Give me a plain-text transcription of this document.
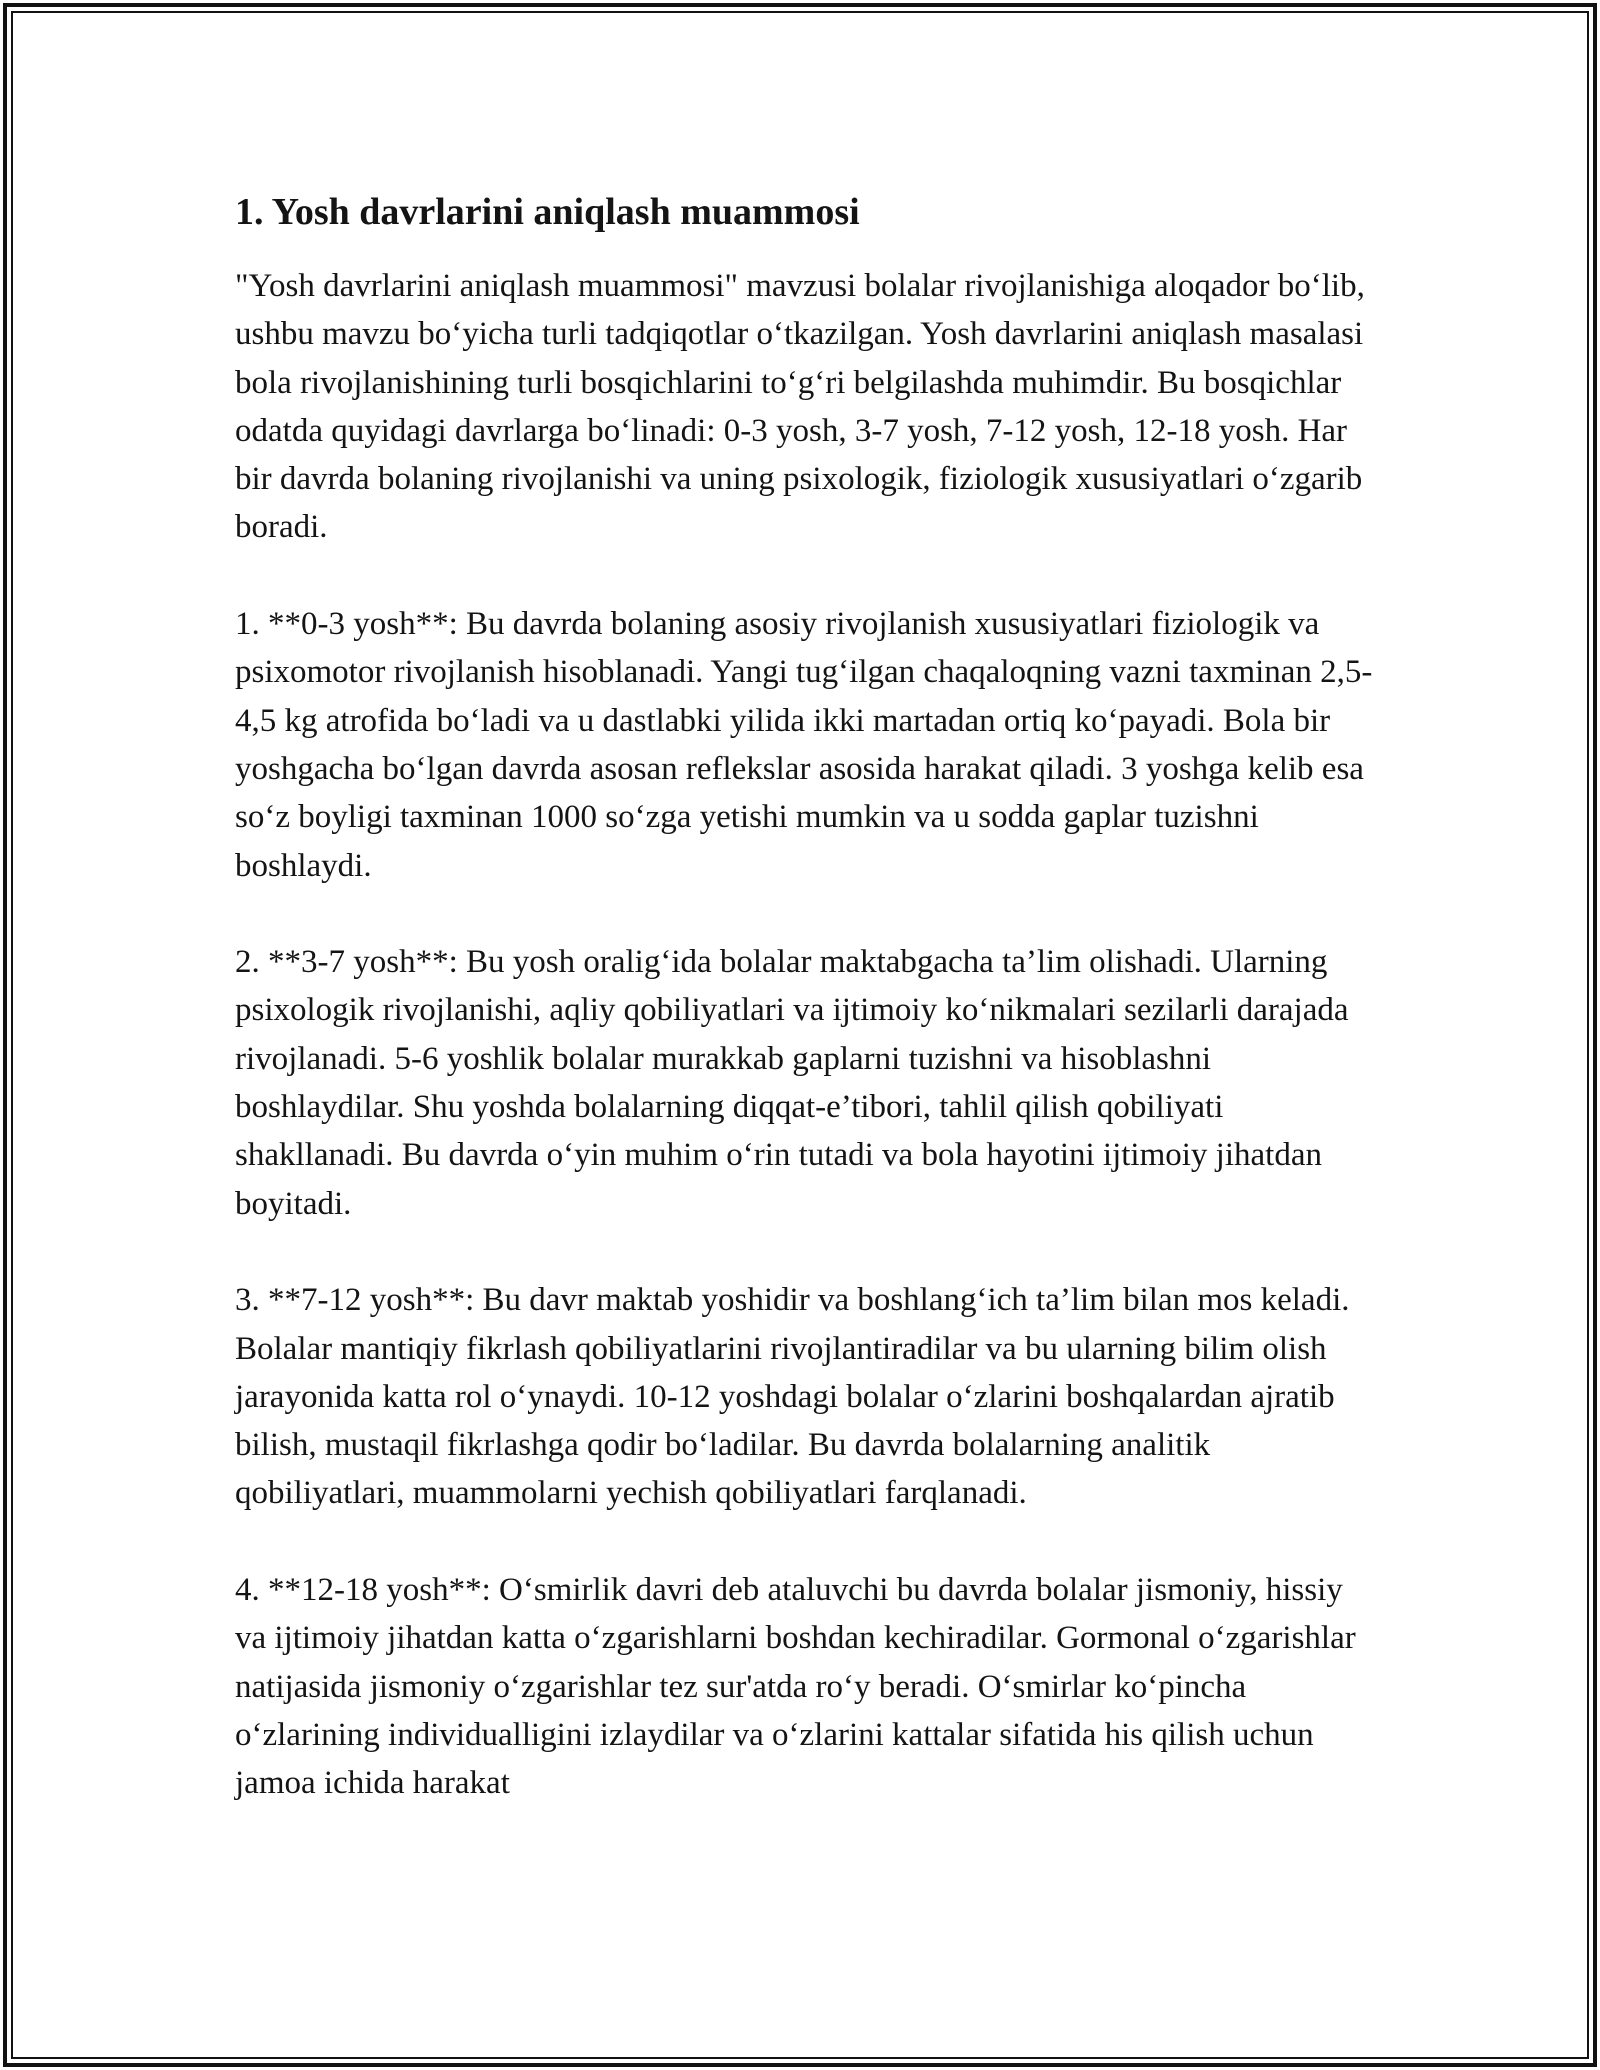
1. Yosh davrlarini aniqlash muammosi

"Yosh davrlarini aniqlash muammosi" mavzusi bolalar rivojlanishiga aloqador bo‘lib, ushbu mavzu bo‘yicha turli tadqiqotlar o‘tkazilgan. Yosh davrlarini aniqlash masalasi bola rivojlanishining turli bosqichlarini to‘g‘ri belgilashda muhimdir. Bu bosqichlar odatda quyidagi davrlarga bo‘linadi: 0-3 yosh, 3-7 yosh, 7-12 yosh, 12-18 yosh. Har bir davrda bolaning rivojlanishi va uning psixologik, fiziologik xususiyatlari o‘zgarib boradi.

1. **0-3 yosh**: Bu davrda bolaning asosiy rivojlanish xususiyatlari fiziologik va psixomotor rivojlanish hisoblanadi. Yangi tug‘ilgan chaqaloqning vazni taxminan 2,5-4,5 kg atrofida bo‘ladi va u dastlabki yilida ikki martadan ortiq ko‘payadi. Bola bir yoshgacha bo‘lgan davrda asosan reflekslar asosida harakat qiladi. 3 yoshga kelib esa so‘z boyligi taxminan 1000 so‘zga yetishi mumkin va u sodda gaplar tuzishni boshlaydi.

2. **3-7 yosh**: Bu yosh oralig‘ida bolalar maktabgacha ta’lim olishadi. Ularning psixologik rivojlanishi, aqliy qobiliyatlari va ijtimoiy ko‘nikmalari sezilarli darajada rivojlanadi. 5-6 yoshlik bolalar murakkab gaplarni tuzishni va hisoblashni boshlaydilar. Shu yoshda bolalarning diqqat-e’tibori, tahlil qilish qobiliyati shakllanadi. Bu davrda o‘yin muhim o‘rin tutadi va bola hayotini ijtimoiy jihatdan boyitadi.

3. **7-12 yosh**: Bu davr maktab yoshidir va boshlang‘ich ta’lim bilan mos keladi. Bolalar mantiqiy fikrlash qobiliyatlarini rivojlantiradilar va bu ularning bilim olish jarayonida katta rol o‘ynaydi. 10-12 yoshdagi bolalar o‘zlarini boshqalardan ajratib bilish, mustaqil fikrlashga qodir bo‘ladilar. Bu davrda bolalarning analitik qobiliyatlari, muammolarni yechish qobiliyatlari farqlanadi.

4. **12-18 yosh**: O‘smirlik davri deb ataluvchi bu davrda bolalar jismoniy, hissiy va ijtimoiy jihatdan katta o‘zgarishlarni boshdan kechiradilar. Gormonal o‘zgarishlar natijasida jismoniy o‘zgarishlar tez sur'atda ro‘y beradi. O‘smirlar ko‘pincha o‘zlarining individualligini izlaydilar va o‘zlarini kattalar sifatida his qilish uchun jamoa ichida harakat
